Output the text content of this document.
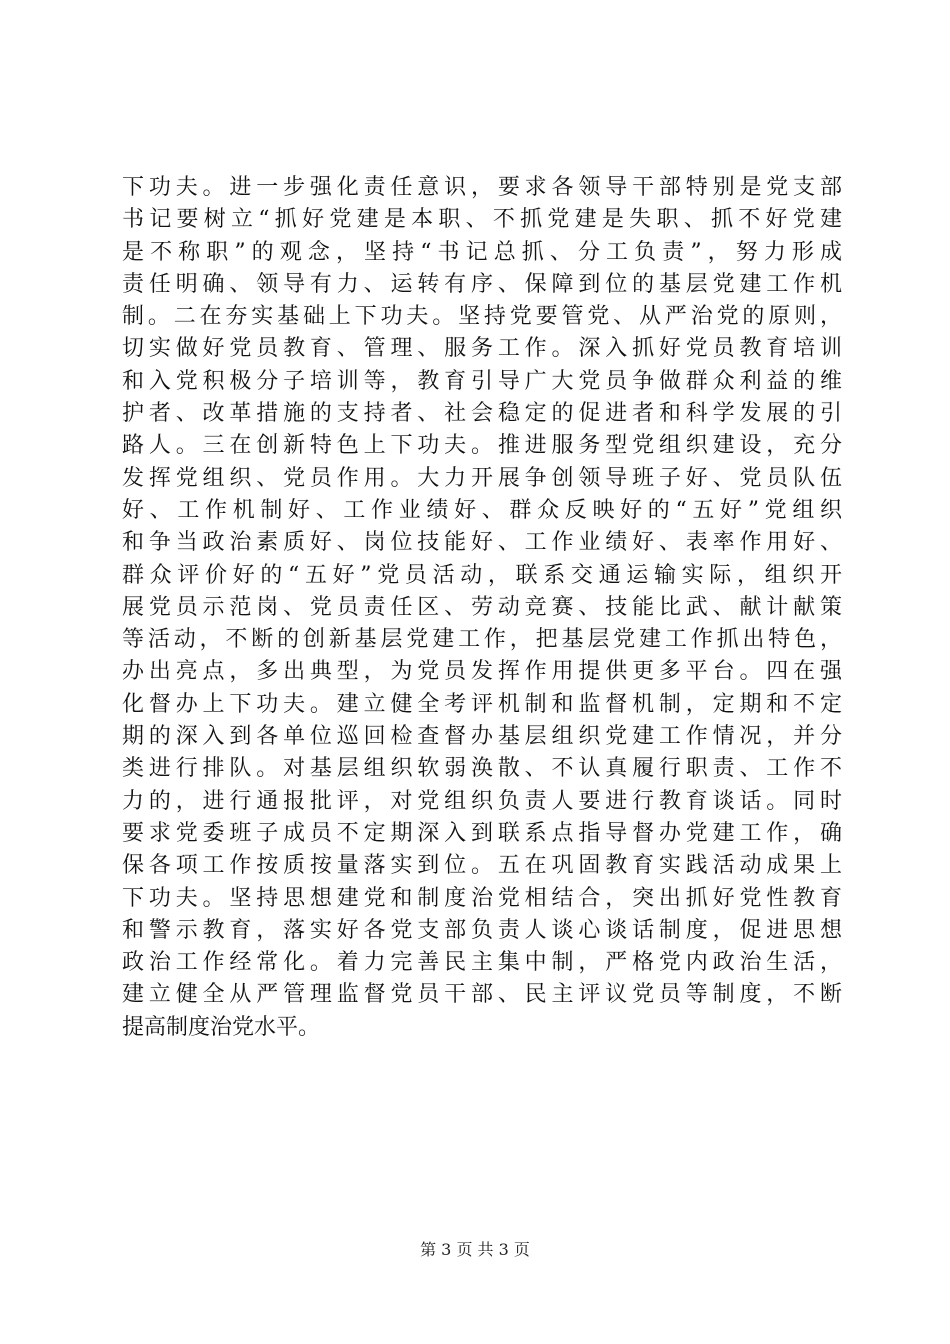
下功夫。进一步强化责任意识，要求各领导干部特别是党支部
书记要树立“抓好党建是本职、不抓党建是失职、抓不好党建
是不称职”的观念，坚持“书记总抓、分工负责”，努力形成
责任明确、领导有力、运转有序、保障到位的基层党建工作机
制。二在夯实基础上下功夫。坚持党要管党、从严治党的原则，
切实做好党员教育、管理、服务工作。深入抓好党员教育培训
和入党积极分子培训等，教育引导广大党员争做群众利益的维
护者、改革措施的支持者、社会稳定的促进者和科学发展的引
路人。三在创新特色上下功夫。推进服务型党组织建设，充分
发挥党组织、党员作用。大力开展争创领导班子好、党员队伍
好、工作机制好、工作业绩好、群众反映好的“五好”党组织
和争当政治素质好、岗位技能好、工作业绩好、表率作用好、
群众评价好的“五好”党员活动，联系交通运输实际，组织开
展党员示范岗、党员责任区、劳动竞赛、技能比武、献计献策
等活动，不断的创新基层党建工作，把基层党建工作抓出特色，
办出亮点，多出典型，为党员发挥作用提供更多平台。四在强
化督办上下功夫。建立健全考评机制和监督机制，定期和不定
期的深入到各单位巡回检查督办基层组织党建工作情况，并分
类进行排队。对基层组织软弱涣散、不认真履行职责、工作不
力的，进行通报批评，对党组织负责人要进行教育谈话。同时
要求党委班子成员不定期深入到联系点指导督办党建工作，确
保各项工作按质按量落实到位。五在巩固教育实践活动成果上
下功夫。坚持思想建党和制度治党相结合，突出抓好党性教育
和警示教育，落实好各党支部负责人谈心谈话制度，促进思想
政治工作经常化。着力完善民主集中制，严格党内政治生活，
建立健全从严管理监督党员干部、民主评议党员等制度，不断
提高制度治党水平。
第 3 页 共 3 页
